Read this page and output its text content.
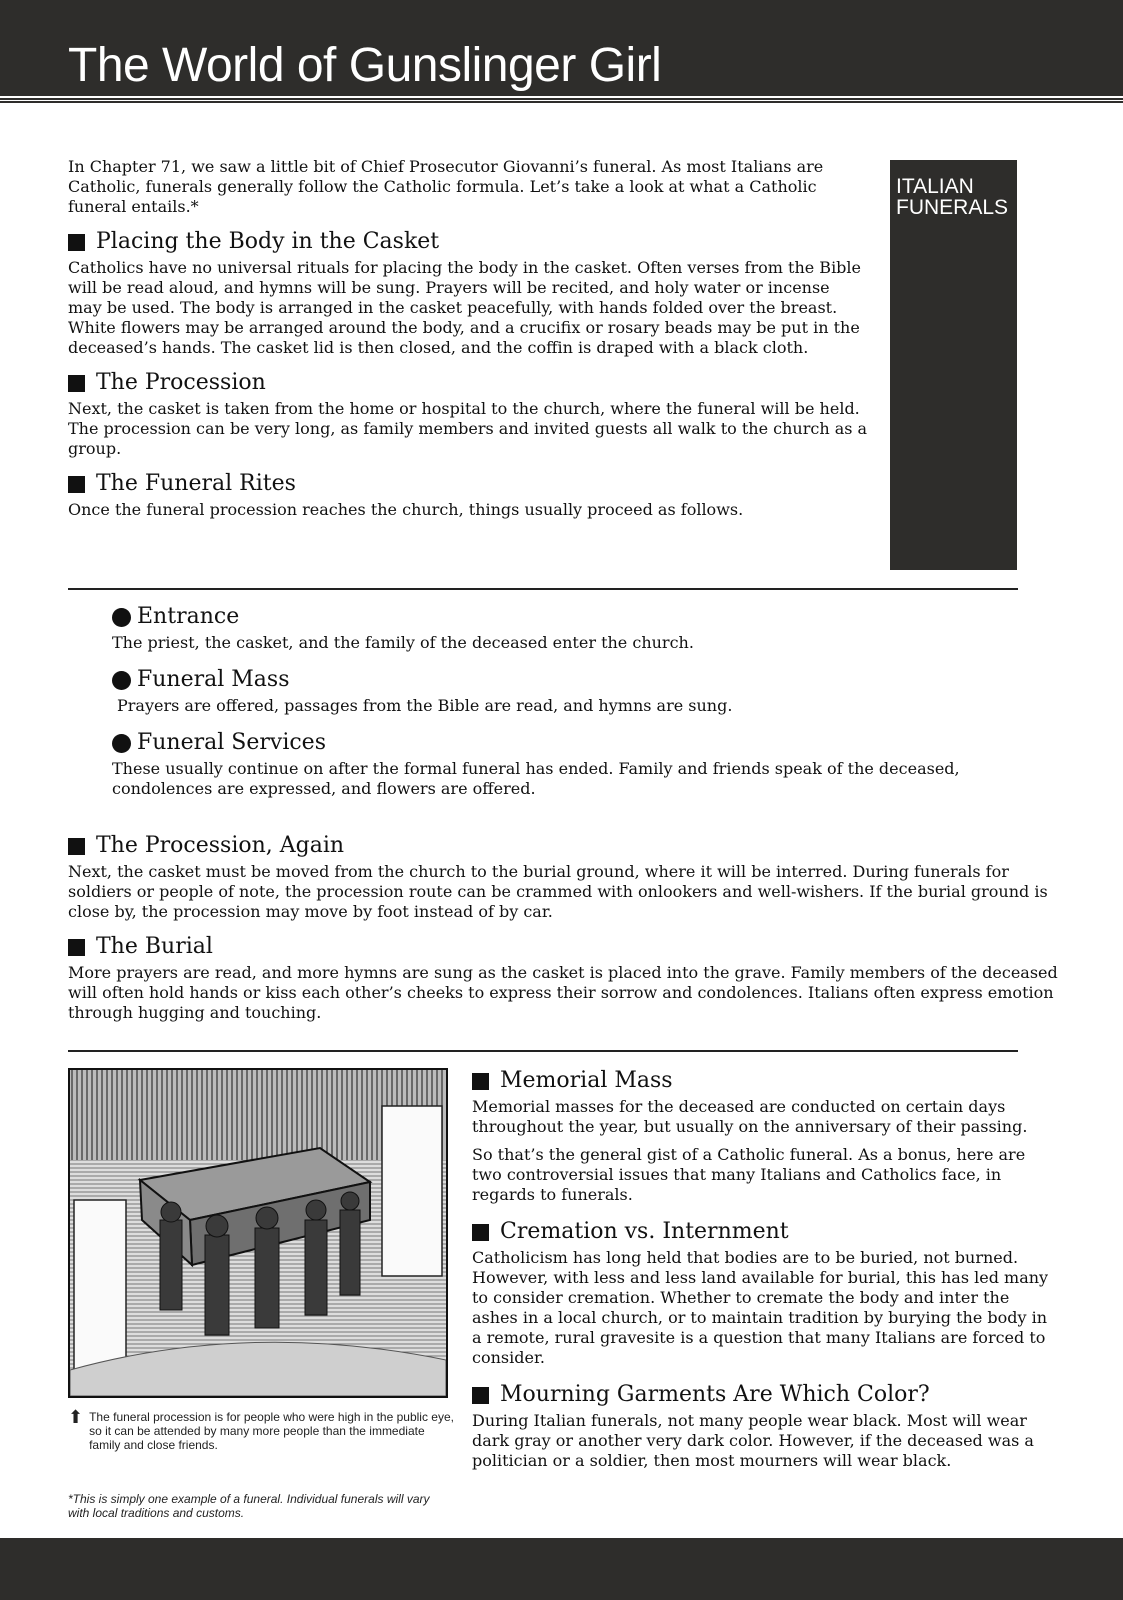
The World of Gunslinger Girl
ITALIAN
FUNERALS

In Chapter 71, we saw a little bit of Chief Prosecutor Giovanni’s funeral. As most Italians are Catholic, funerals generally follow the Catholic formula. Let’s take a look at what a Catholic funeral entails.*

Placing the Body in the Casket

Catholics have no universal rituals for placing the body in the casket. Often verses from the Bible will be read aloud, and hymns will be sung. Prayers will be recited, and holy water or incense may be used. The body is arranged in the casket peacefully, with hands folded over the breast. White flowers may be arranged around the body, and a crucifix or rosary beads may be put in the deceased’s hands. The casket lid is then closed, and the coffin is draped with a black cloth.

The Procession

Next, the casket is taken from the home or hospital to the church, where the funeral will be held. The procession can be very long, as family members and invited guests all walk to the church as a group.

The Funeral Rites

Once the funeral procession reaches the church, things usually proceed as follows.

Entrance

The priest, the casket, and the family of the deceased enter the church.

Funeral Mass

Prayers are offered, passages from the Bible are read, and hymns are sung.

Funeral Services

These usually continue on after the formal funeral has ended. Family and friends speak of the deceased, condolences are expressed, and flowers are offered.

The Procession, Again

Next, the casket must be moved from the church to the burial ground, where it will be interred. During funerals for soldiers or people of note, the procession route can be crammed with onlookers and well-wishers. If the burial ground is close by, the procession may move by foot instead of by car.

The Burial

More prayers are read, and more hymns are sung as the casket is placed into the grave. Family members of the deceased will often hold hands or kiss each other’s cheeks to express their sorrow and condolences. Italians often express emotion through hugging and touching.

⬆ The funeral procession is for people who were high in the public eye, so it can be attended by many more people than the immediate family and close friends.
*This is simply one example of a funeral. Individual funerals will vary with local traditions and customs.
Memorial Mass

Memorial masses for the deceased are conducted on certain days throughout the year, but usually on the anniversary of their passing.

So that’s the general gist of a Catholic funeral. As a bonus, here are two controversial issues that many Italians and Catholics face, in regards to funerals.

Cremation vs. Internment

Catholicism has long held that bodies are to be buried, not burned. However, with less and less land available for burial, this has led many to consider cremation. Whether to cremate the body and inter the ashes in a local church, or to maintain tradition by burying the body in a remote, rural gravesite is a question that many Italians are forced to consider.

Mourning Garments Are Which Color?

During Italian funerals, not many people wear black. Most will wear dark gray or another very dark color. However, if the deceased was a politician or a soldier, then most mourners will wear black.
